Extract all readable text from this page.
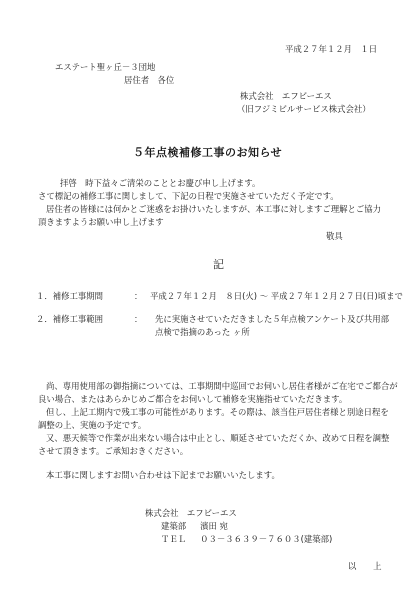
平成２７年１２月　１日
エステート聖ヶ丘－３団地
居住者　各位
株式会社　エフビーエス
（旧フジミビルサービス株式会社）
５年点検補修工事のお知らせ
拝啓　時下益々ご清栄のこととお慶び申し上げます。
さて標記の補修工事に関しまして、下記の日程で実施させていただく予定です。
居住者の皆様には何かとご迷惑をお掛けいたしますが、本工事に対しますご理解とご協力
頂きますようお願い申し上げます
敬具
記
１．補修工事期間	： 平成２７年１２月　８日(火) ～ 平成２７年１２月２７日(日)頃まで
２．補修工事範囲	： 先に実施させていただきました５年点検アンケート及び共用部
点検で指摘のあった ヶ所
尚、専用使用部の御指摘については、工事期間中巡回でお伺いし居住者様がご在宅でご都合が
良い場合、またはあらかじめご都合をお伺いして補修を実施指せていただきます。
但し、上記工期内で残工事の可能性があります。その際は、該当住戸居住者様と別途日程を
調整の上、実施の予定です。
又、悪天候等で作業が出来ない場合は中止とし、順延させていただくか、改めて日程を調整
させて頂きます。ご承知おきください。
本工事に関しますお問い合わせは下記までお願いいたします。
株式会社　エフビーエス
建築部 濱田 宛
ＴＥＬ ０３－３６３９－７６０３(建築部)
以　　上
